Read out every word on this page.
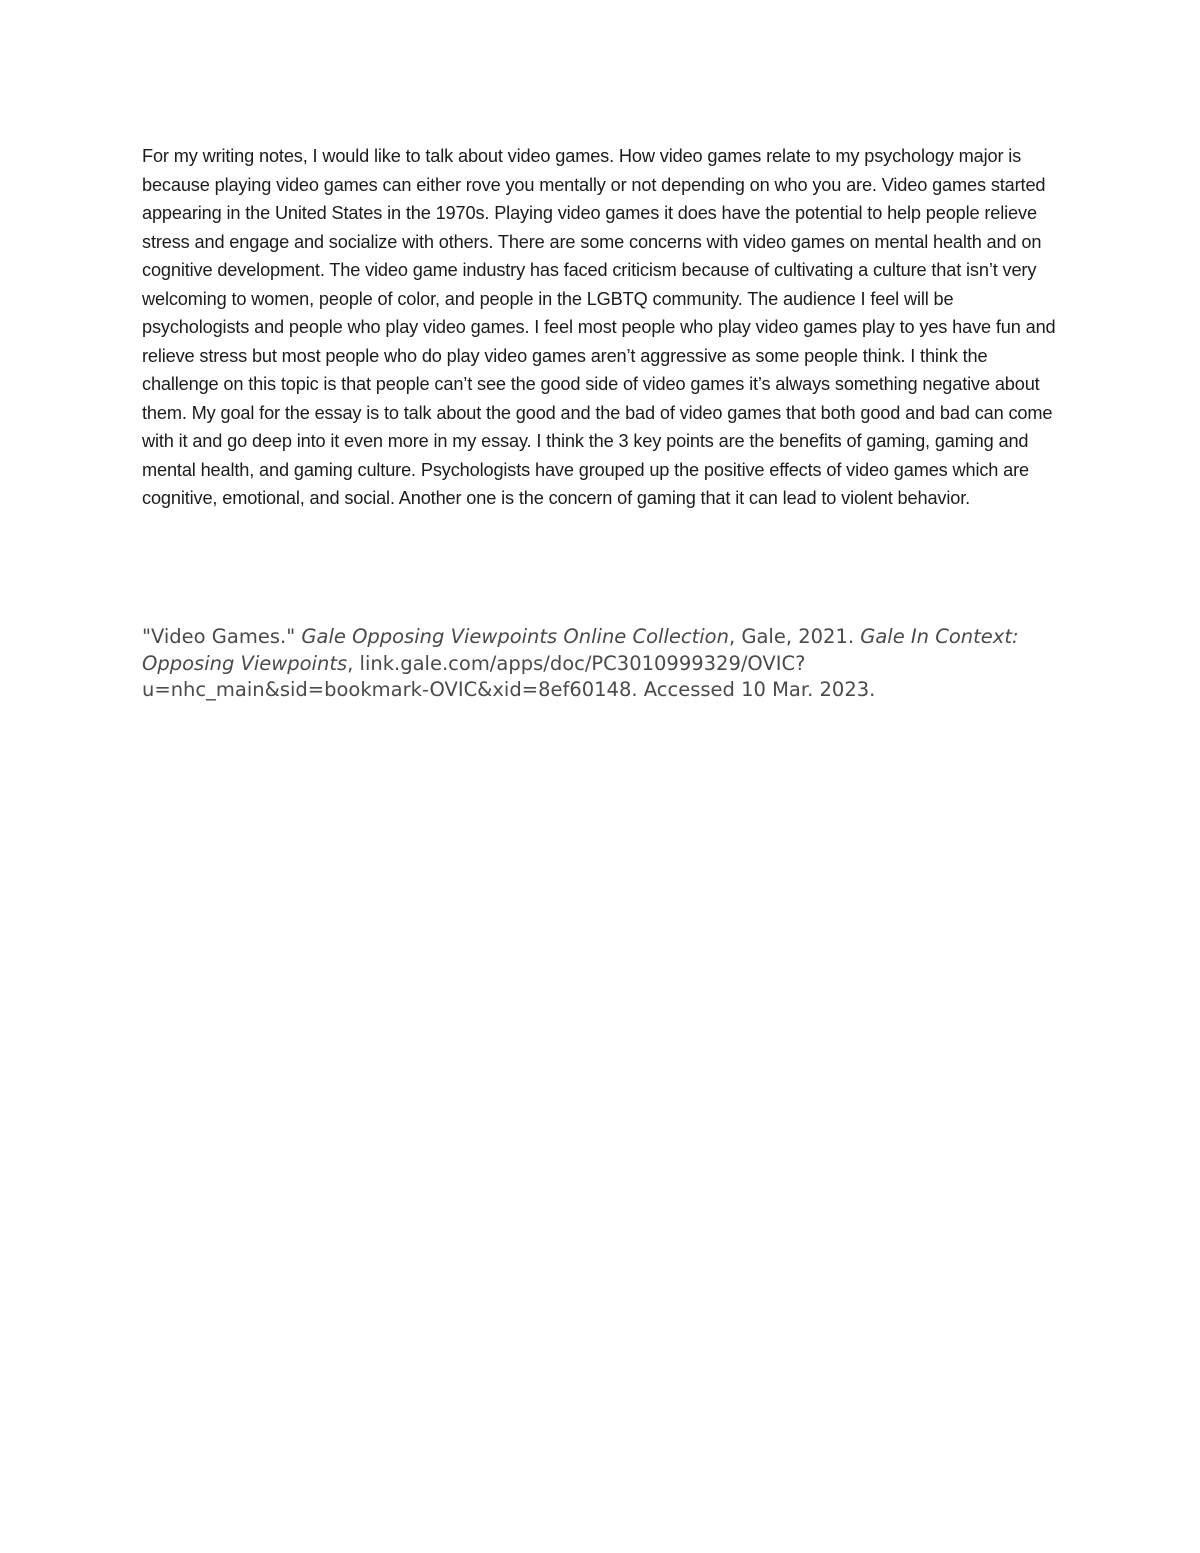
For my writing notes, I would like to talk about video games. How video games relate to my psychology major is because playing video games can either rove you mentally or not depending on who you are. Video games started appearing in the United States in the 1970s. Playing video games it does have the potential to help people relieve stress and engage and socialize with others. There are some concerns with video games on mental health and on cognitive development. The video game industry has faced criticism because of cultivating a culture that isn’t very welcoming to women, people of color, and people in the LGBTQ community. The audience I feel will be psychologists and people who play video games. I feel most people who play video games play to yes have fun and relieve stress but most people who do play video games aren’t aggressive as some people think. I think the challenge on this topic is that people can’t see the good side of video games it’s always something negative about them. My goal for the essay is to talk about the good and the bad of video games that both good and bad can come with it and go deep into it even more in my essay. I think the 3 key points are the benefits of gaming, gaming and mental health, and gaming culture. Psychologists have grouped up the positive effects of video games which are cognitive, emotional, and social. Another one is the concern of gaming that it can lead to violent behavior.

"Video Games." Gale Opposing Viewpoints Online Collection, Gale, 2021. Gale In Context: Opposing Viewpoints, link.gale.com/apps/doc/PC3010999329/OVIC?u=nhc_main&sid=bookmark-OVIC&xid=8ef60148. Accessed 10 Mar. 2023.
